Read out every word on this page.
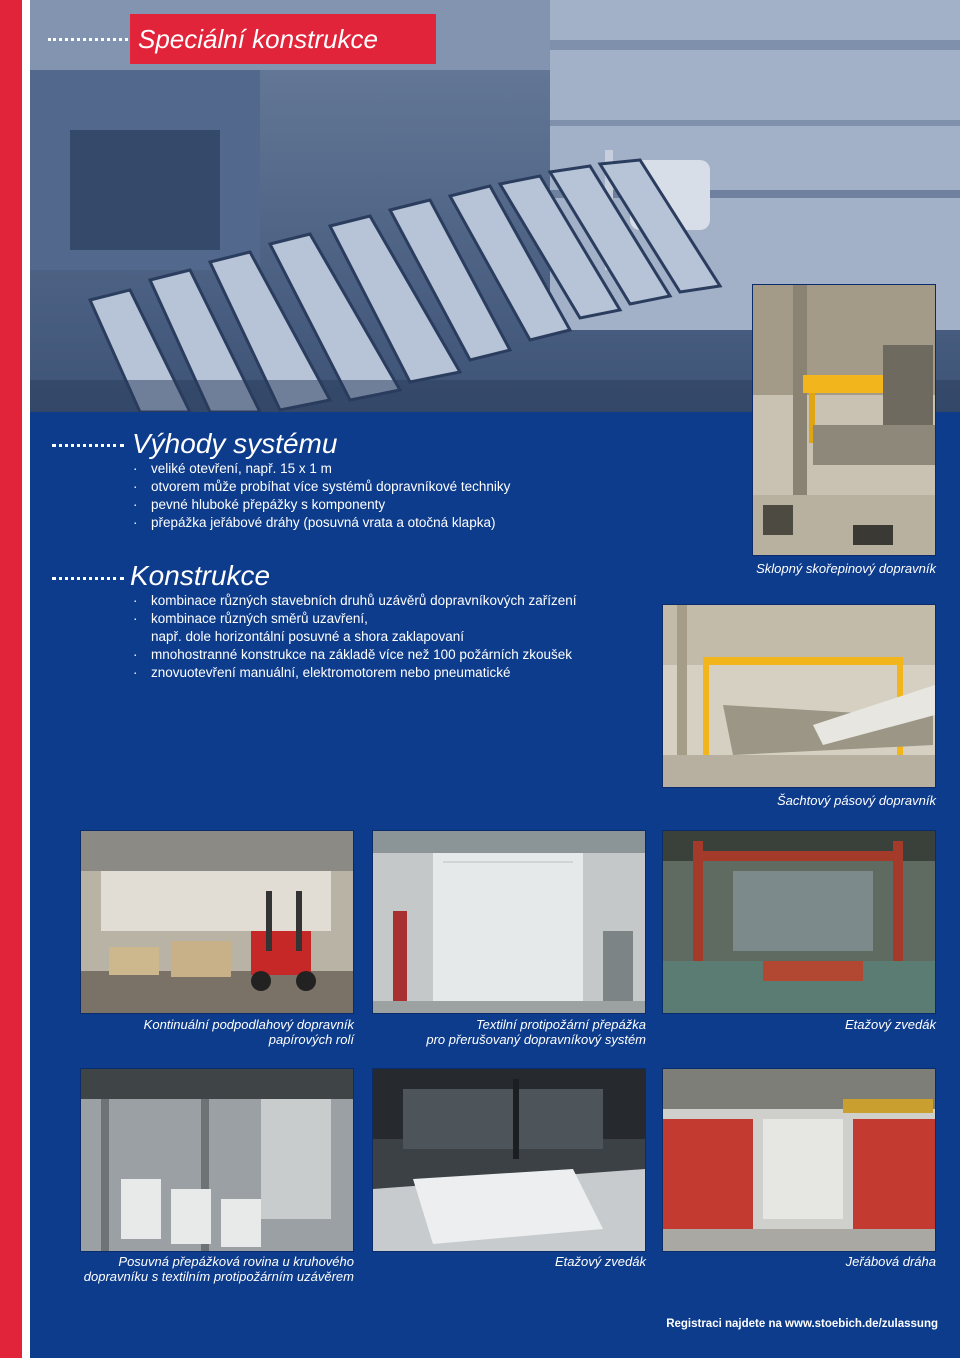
Speciální konstrukce
Výhody systému
· veliké otevření, např. 15 x 1 m
· otvorem může probíhat více systémů dopravníkové techniky
· pevné hluboké přepážky s komponenty
· přepážka jeřábové dráhy (posuvná vrata a otočná klapka)
Konstrukce
· kombinace různých stavebních druhů uzávěrů dopravníkových zařízení
· kombinace různých směrů uzavření,
např. dole horizontální posuvné a shora zaklapovaní
· mnohostranné konstrukce na základě více než 100 požárních zkoušek
· znovuotevření manuální, elektromotorem nebo pneumatické
Sklopný skořepinový dopravník
Šachtový pásový dopravník
Kontinuální podpodlahový dopravník
papírových rolí
Textilní protipožární přepážka
pro přerušovaný dopravníkový systém
Etažový zvedák
Posuvná přepážková rovina u kruhového
dopravníku s textilním protipožárním uzávěrem
Etažový zvedák	Jeřábová dráha
Registraci najdete na www.stoebich.de/zulassung
